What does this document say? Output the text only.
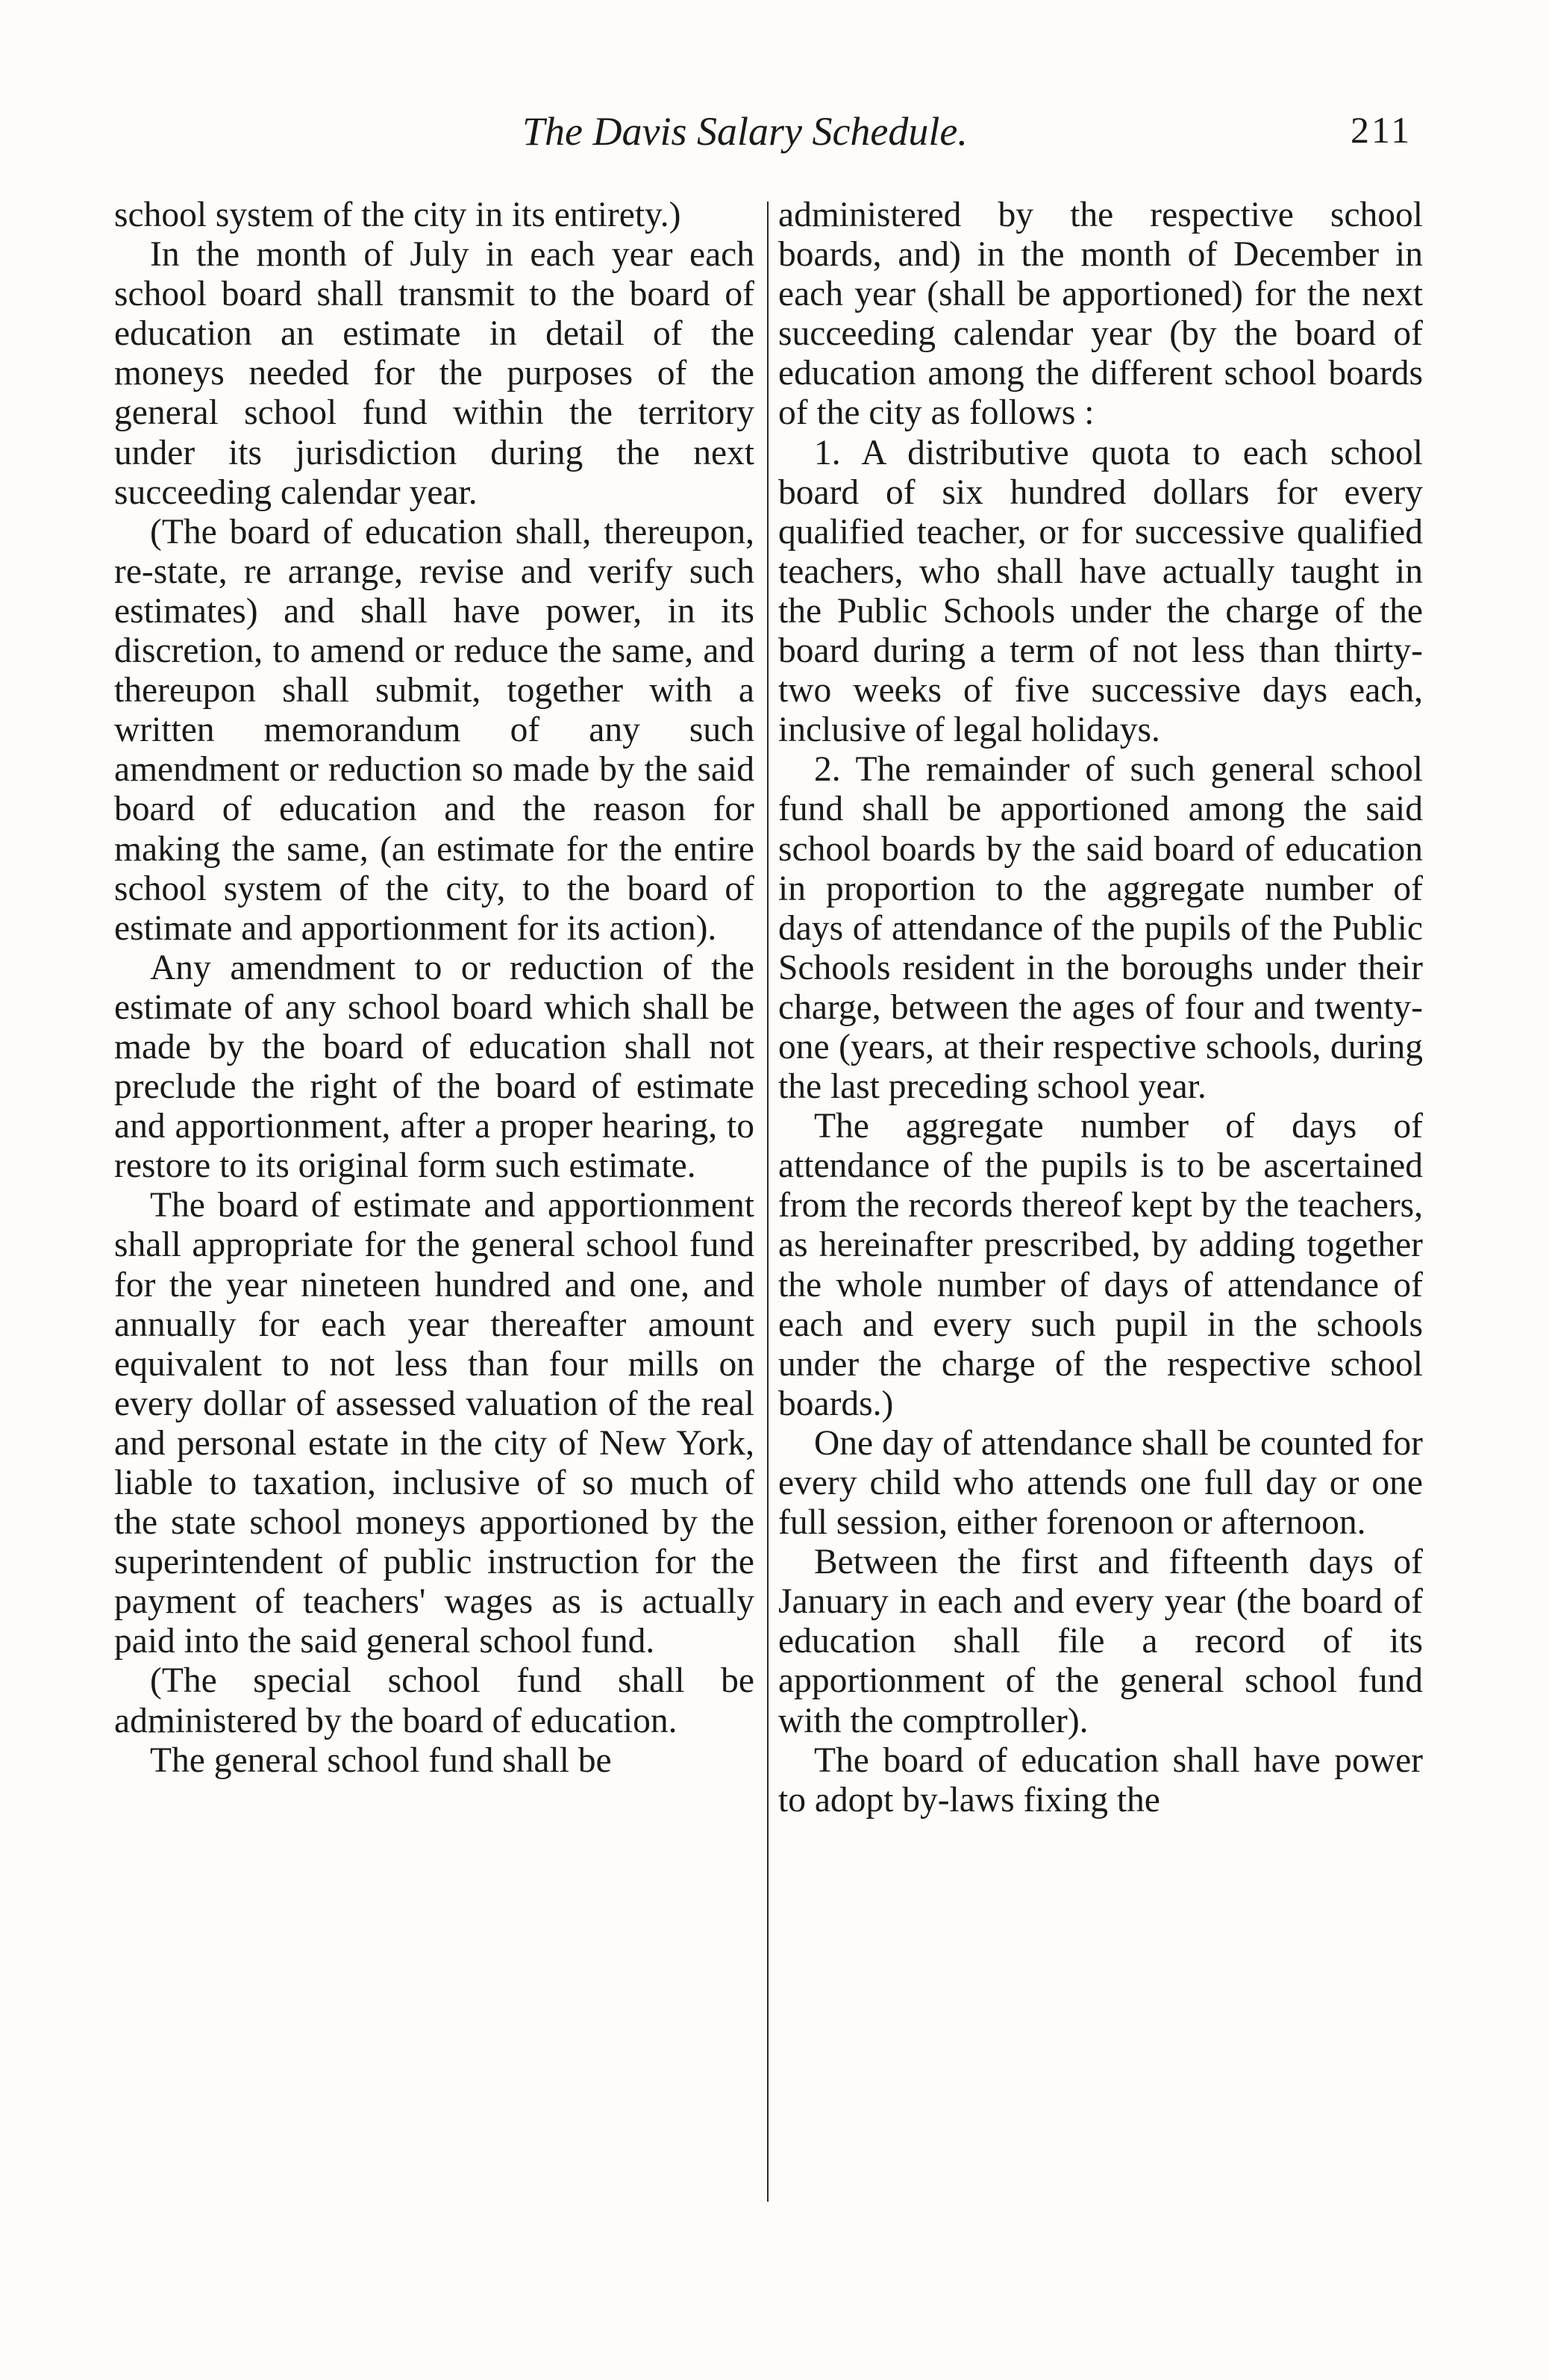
The Davis Salary Schedule.	211

school system of the city in its entirety.)

In the month of July in each year each school board shall transmit to the board of education an estimate in detail of the moneys needed for the purposes of the general school fund within the territory under its jurisdiction during the next succeeding calendar year.

(The board of education shall, thereupon, re-state, re arrange, revise and verify such estimates) and shall have power, in its discretion, to amend or reduce the same, and thereupon shall submit, together with a written memorandum of any such amendment or reduction so made by the said board of education and the reason for making the same, (an estimate for the entire school system of the city, to the board of estimate and apportionment for its action).

Any amendment to or reduction of the estimate of any school board which shall be made by the board of education shall not preclude the right of the board of estimate and apportionment, after a proper hearing, to restore to its original form such estimate.

The board of estimate and apportionment shall appropriate for the general school fund for the year nineteen hundred and one, and annually for each year thereafter amount equivalent to not less than four mills on every dollar of assessed valuation of the real and personal estate in the city of New York, liable to taxation, inclusive of so much of the state school moneys apportioned by the superintendent of public instruction for the payment of teachers' wages as is actually paid into the said general school fund.

(The special school fund shall be administered by the board of education.

The general school fund shall be

administered by the respective school boards, and) in the month of December in each year (shall be apportioned) for the next succeeding calendar year (by the board of education among the different school boards of the city as follows :

1. A distributive quota to each school board of six hundred dollars for every qualified teacher, or for successive qualified teachers, who shall have actually taught in the Public Schools under the charge of the board during a term of not less than thirty-two weeks of five successive days each, inclusive of legal holidays.

2. The remainder of such general school fund shall be apportioned among the said school boards by the said board of education in proportion to the aggregate number of days of attendance of the pupils of the Public Schools resident in the boroughs under their charge, between the ages of four and twenty-one (years, at their respective schools, during the last preceding school year.

The aggregate number of days of attendance of the pupils is to be ascertained from the records thereof kept by the teachers, as hereinafter prescribed, by adding together the whole number of days of attendance of each and every such pupil in the schools under the charge of the respective school boards.)

One day of attendance shall be counted for every child who attends one full day or one full session, either forenoon or afternoon.

Between the first and fifteenth days of January in each and every year (the board of education shall file a record of its apportionment of the general school fund with the comptroller).

The board of education shall have power to adopt by-laws fixing the
